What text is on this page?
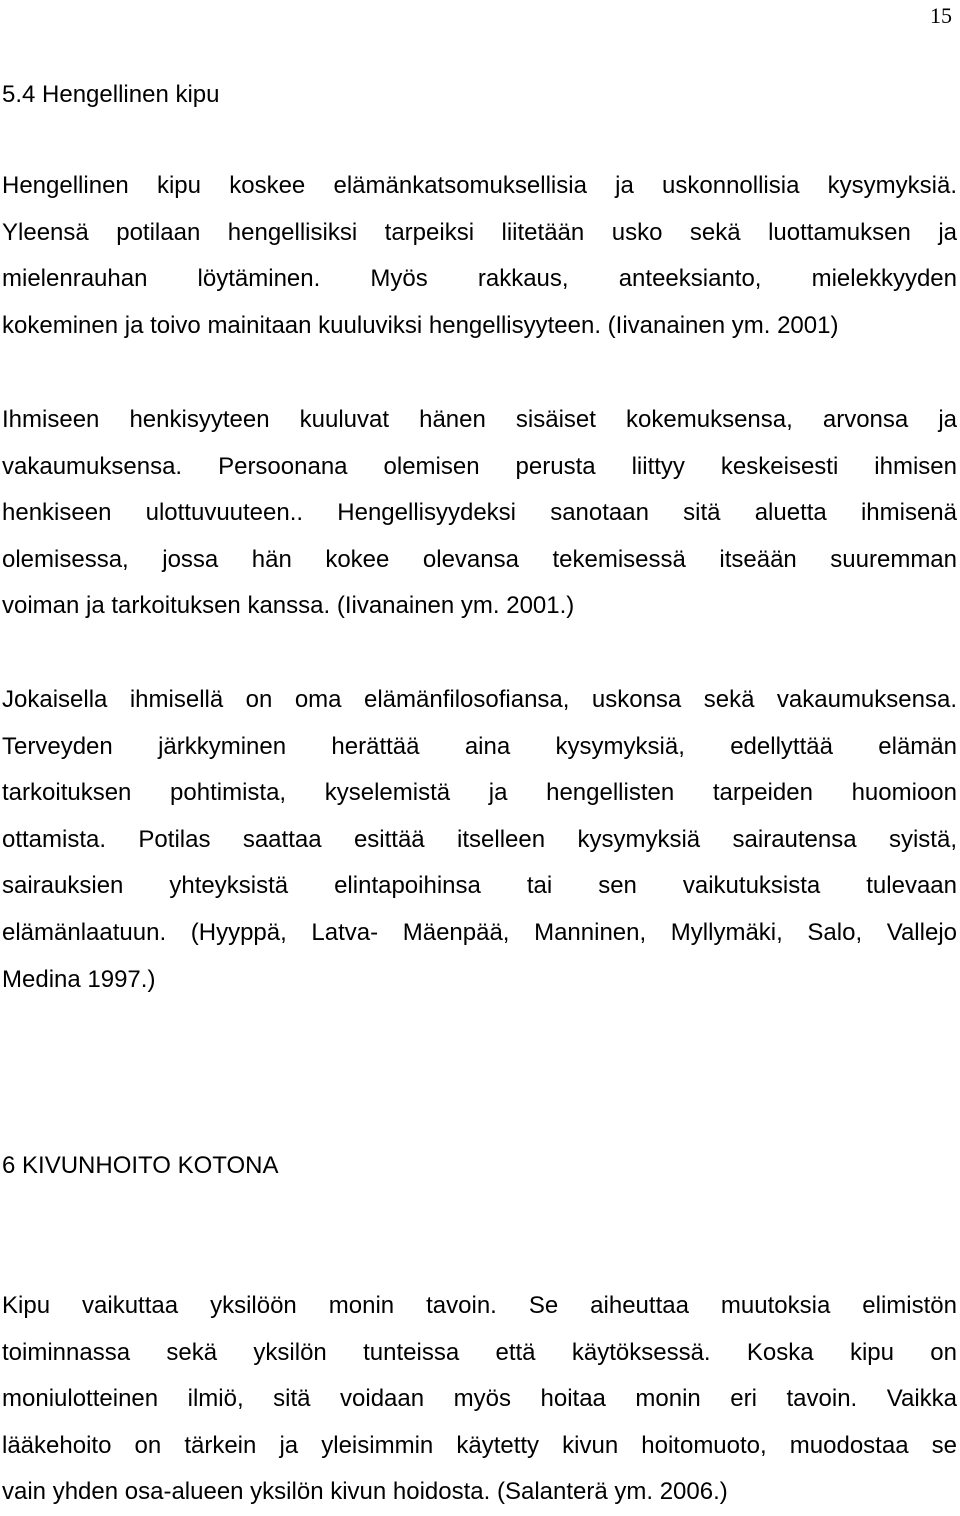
15
5.4 Hengellinen kipu
Hengellinen kipu koskee elämänkatsomuksellisia ja uskonnollisia kysymyksiä.
Yleensä potilaan hengellisiksi tarpeiksi liitetään usko sekä luottamuksen ja
mielenrauhan löytäminen. Myös rakkaus, anteeksianto, mielekkyyden
kokeminen ja toivo mainitaan kuuluviksi hengellisyyteen. (Iivanainen ym. 2001)
Ihmiseen henkisyyteen kuuluvat hänen sisäiset kokemuksensa, arvonsa ja
vakaumuksensa. Persoonana olemisen perusta liittyy keskeisesti ihmisen
henkiseen ulottuvuuteen.. Hengellisyydeksi sanotaan sitä aluetta ihmisenä
olemisessa, jossa hän kokee olevansa tekemisessä itseään suuremman
voiman ja tarkoituksen kanssa. (Iivanainen ym. 2001.)
Jokaisella ihmisellä on oma elämänfilosofiansa, uskonsa sekä vakaumuksensa.
Terveyden järkkyminen herättää aina kysymyksiä, edellyttää elämän
tarkoituksen pohtimista, kyselemistä ja hengellisten tarpeiden huomioon
ottamista. Potilas saattaa esittää itselleen kysymyksiä sairautensa syistä,
sairauksien yhteyksistä elintapoihinsa tai sen vaikutuksista tulevaan
elämänlaatuun. (Hyyppä, Latva- Mäenpää, Manninen, Myllymäki, Salo, Vallejo
Medina 1997.)
6 KIVUNHOITO KOTONA
Kipu vaikuttaa yksilöön monin tavoin. Se aiheuttaa muutoksia elimistön
toiminnassa sekä yksilön tunteissa että käytöksessä. Koska kipu on
moniulotteinen ilmiö, sitä voidaan myös hoitaa monin eri tavoin. Vaikka
lääkehoito on tärkein ja yleisimmin käytetty kivun hoitomuoto, muodostaa se
vain yhden osa-alueen yksilön kivun hoidosta. (Salanterä ym. 2006.)
